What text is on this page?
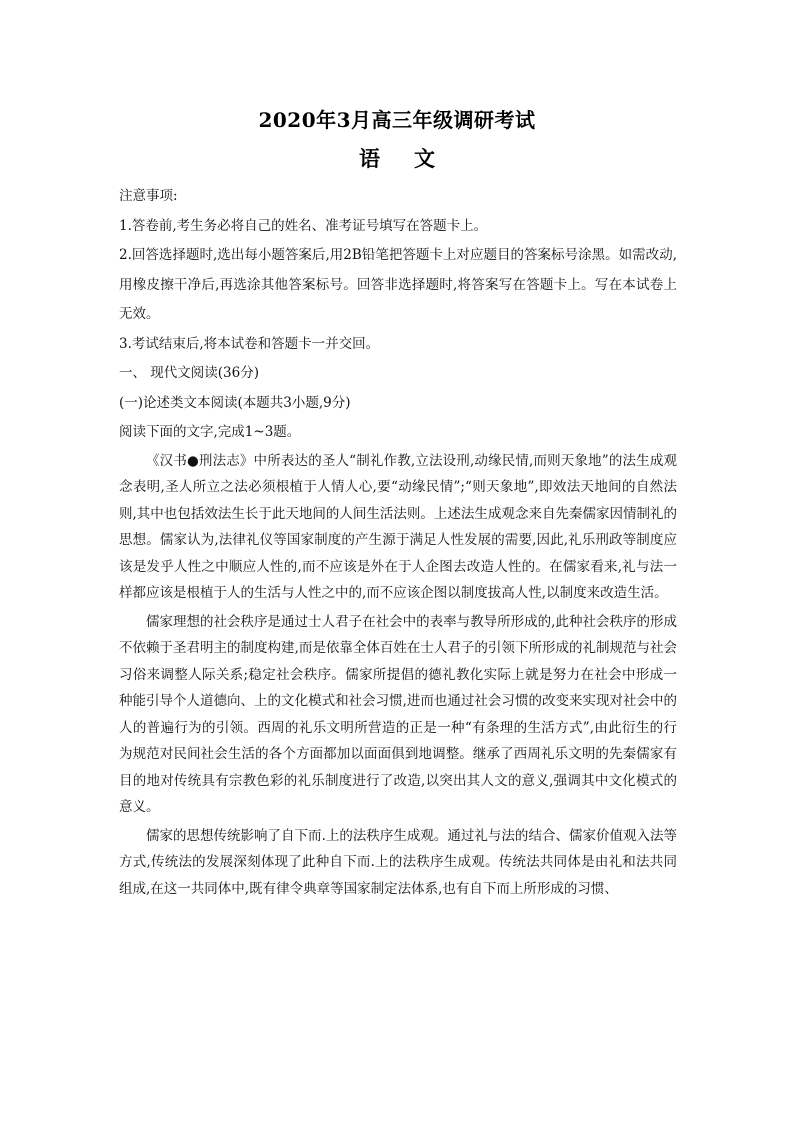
2020年3月高三年级调研考试
语 文

注意事项:

1.答卷前,考生务必将自己的姓名、准考证号填写在答题卡上。

2.回答选择题时,选出每小题答案后,用2B铅笔把答题卡上对应题目的答案标号涂黑。如需改动,用橡皮擦干净后,再选涂其他答案标号。回答非选择题时,将答案写在答题卡上。写在本试卷上无效。

3.考试结束后,将本试卷和答题卡一并交回。

一、 现代文阅读(36分)

(一)论述类文本阅读(本题共3小题,9分)

阅读下面的文字,完成1~3题。

《汉书●刑法志》中所表达的圣人“制礼作教,立法设刑,动缘民情,而则天象地”的法生成观念表明,圣人所立之法必须根植于人情人心,要“动缘民情”;“则天象地”,即效法天地间的自然法则,其中也包括效法生长于此天地间的人间生活法则。上述法生成观念来自先秦儒家因情制礼的思想。儒家认为,法律礼仪等国家制度的产生源于满足人性发展的需要,因此,礼乐刑政等制度应该是发乎人性之中顺应人性的,而不应该是外在于人企图去改造人性的。在儒家看来,礼与法一样都应该是根植于人的生活与人性之中的,而不应该企图以制度拔高人性,以制度来改造生活。

儒家理想的社会秩序是通过士人君子在社会中的表率与教导所形成的,此种社会秩序的形成不依赖于圣君明主的制度构建,而是依靠全体百姓在士人君子的引领下所形成的礼制规范与社会习俗来调整人际关系;稳定社会秩序。儒家所提倡的德礼教化实际上就是努力在社会中形成一种能引导个人道德向、上的文化模式和社会习惯,进而也通过社会习惯的改变来实现对社会中的人的普遍行为的引领。西周的礼乐文明所营造的正是一种“有条理的生活方式”,由此衍生的行为规范对民间社会生活的各个方面都加以面面俱到地调整。继承了西周礼乐文明的先秦儒家有目的地对传统具有宗教色彩的礼乐制度进行了改造,以突出其人文的意义,强调其中文化模式的意义。

儒家的思想传统影响了自下而.上的法秩序生成观。通过礼与法的结合、儒家价值观入法等方式,传统法的发展深刻体现了此种自下而.上的法秩序生成观。传统法共同体是由礼和法共同组成,在这一共同体中,既有律令典章等国家制定法体系,也有自下而上所形成的习惯、
